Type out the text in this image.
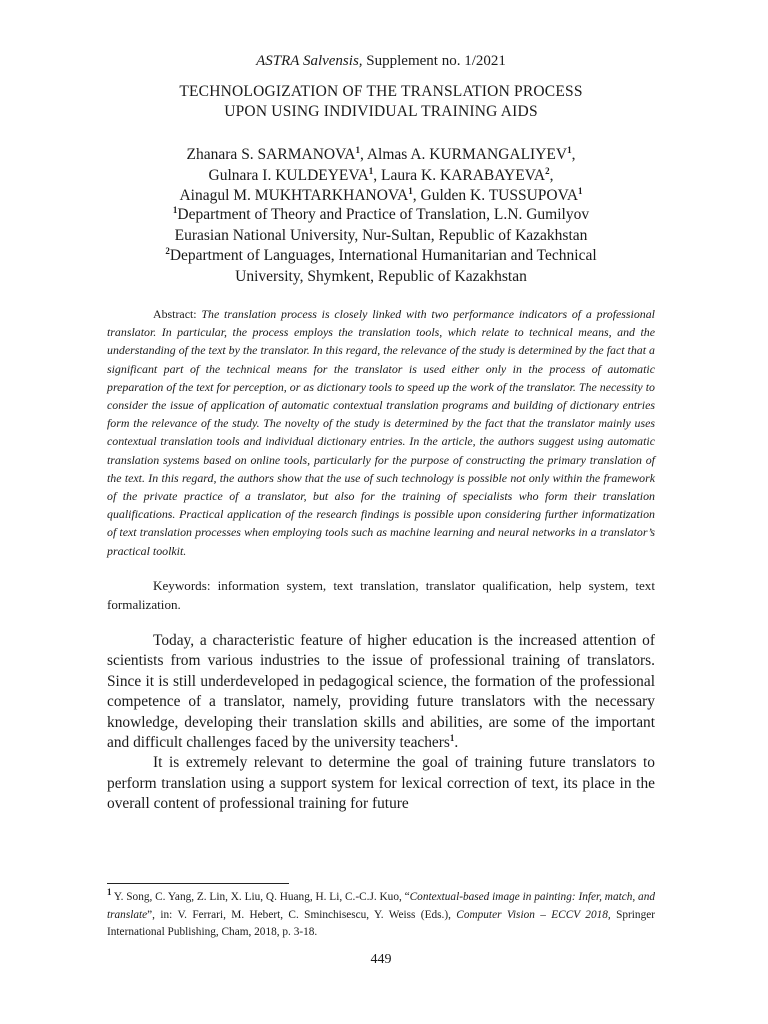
ASTRA Salvensis, Supplement no. 1/2021
TECHNOLOGIZATION OF THE TRANSLATION PROCESS
UPON USING INDIVIDUAL TRAINING AIDS
Zhanara S. SARMANOVA$^1$, Almas A. KURMANGALIYEV$^1$,
Gulnara I. KULDEYEVA$^1$, Laura K. KARABAYEVA$^2$,
Ainagul M. MUKHTARKHANOVA$^1$, Gulden K. TUSSUPOVA$^1$
$^1$Department of Theory and Practice of Translation, L.N. Gumilyov
Eurasian National University, Nur-Sultan, Republic of Kazakhstan
$^2$Department of Languages, International Humanitarian and Technical
University, Shymkent, Republic of Kazakhstan
Abstract: The translation process is closely linked with two performance indicators of a professional translator. In particular, the process employs the translation tools, which relate to technical means, and the understanding of the text by the translator. In this regard, the relevance of the study is determined by the fact that a significant part of the technical means for the translator is used either only in the process of automatic preparation of the text for perception, or as dictionary tools to speed up the work of the translator. The necessity to consider the issue of application of automatic contextual translation programs and building of dictionary entries form the relevance of the study. The novelty of the study is determined by the fact that the translator mainly uses contextual translation tools and individual dictionary entries. In the article, the authors suggest using automatic translation systems based on online tools, particularly for the purpose of constructing the primary translation of the text. In this regard, the authors show that the use of such technology is possible not only within the framework of the private practice of a translator, but also for the training of specialists who form their translation qualifications. Practical application of the research findings is possible upon considering further informatization of text translation processes when employing tools such as machine learning and neural networks in a translator’s practical toolkit.
Keywords: information system, text translation, translator qualification, help system, text formalization.

Today, a characteristic feature of higher education is the increased attention of scientists from various industries to the issue of professional training of translators. Since it is still underdeveloped in pedagogical science, the formation of the professional competence of a translator, namely, providing future translators with the necessary knowledge, developing their translation skills and abilities, are some of the important and difficult challenges faced by the university teachers$^1$.

It is extremely relevant to determine the goal of training future translators to perform translation using a support system for lexical correction of text, its place in the overall content of professional training for future

$^1$ Y. Song, C. Yang, Z. Lin, X. Liu, Q. Huang, H. Li, C.-C.J. Kuo, “Contextual-based image in painting: Infer, match, and translate”, in: V. Ferrari, M. Hebert, C. Sminchisescu, Y. Weiss (Eds.), Computer Vision – ECCV 2018, Springer International Publishing, Cham, 2018, p. 3-18.
449
